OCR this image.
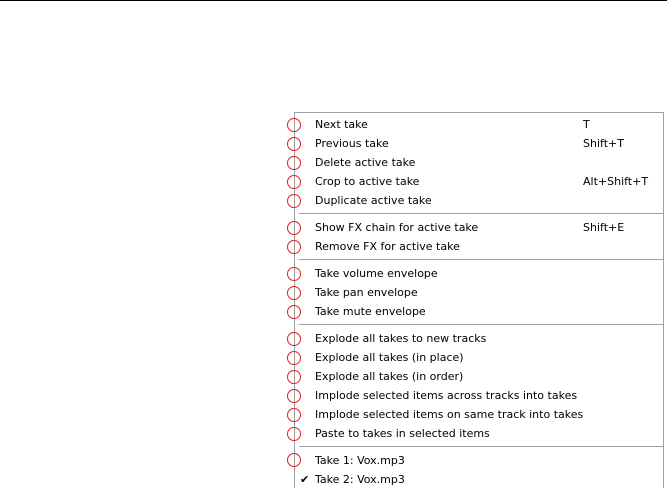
Next take	T
Previous take	Shift+T
Delete active take
Crop to active take	Alt+Shift+T
Duplicate active take
Show FX chain for active take	Shift+E
Remove FX for active take
Take volume envelope
Take pan envelope
Take mute envelope
Explode all takes to new tracks
Explode all takes (in place)
Explode all takes (in order)
Implode selected items across tracks into takes
Implode selected items on same track into takes
Paste to takes in selected items
Take 1: Vox.mp3
✔ Take 2: Vox.mp3
